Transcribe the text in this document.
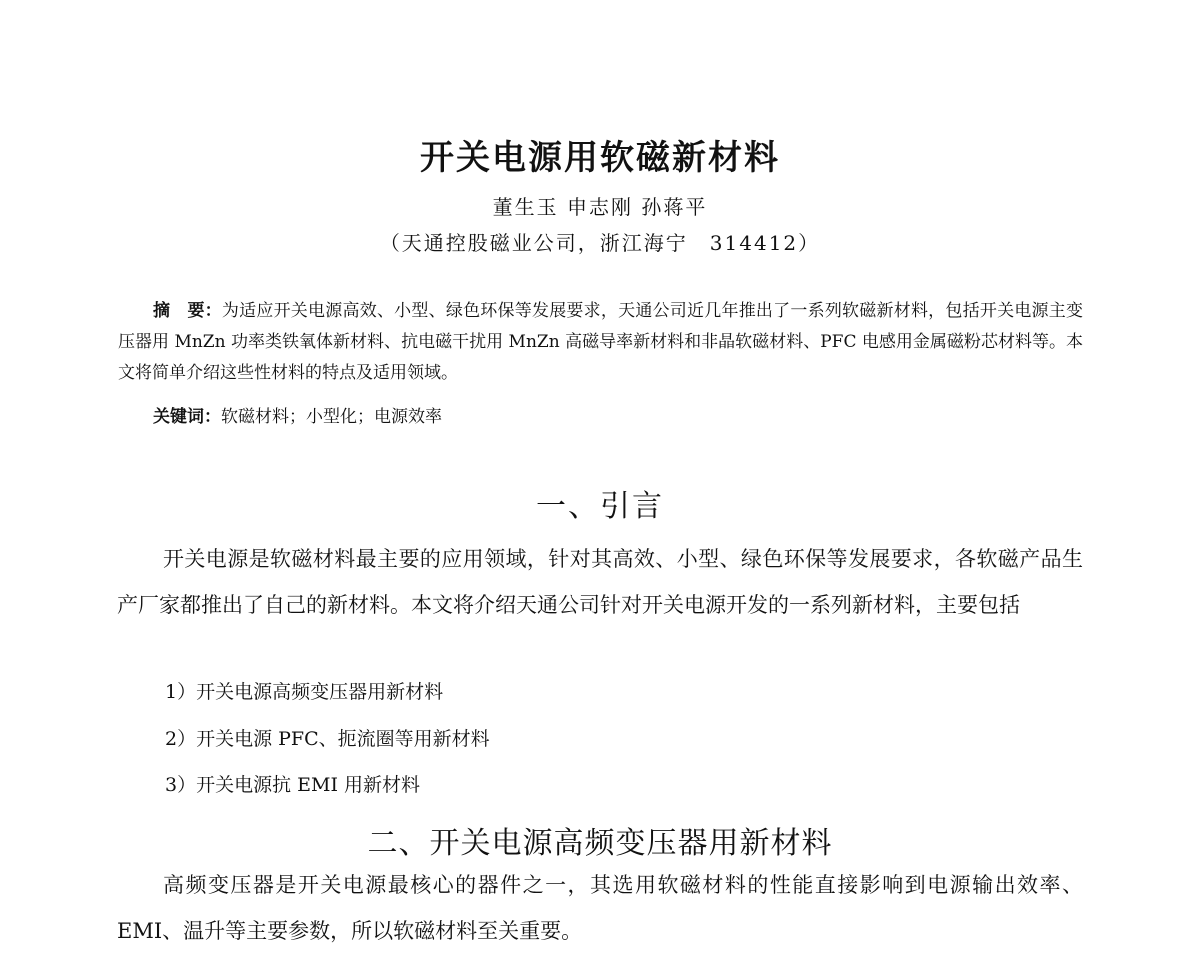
开关电源用软磁新材料
董生玉 申志刚 孙蒋平
（天通控股磁业公司，浙江海宁　314412）
摘　要：为适应开关电源高效、小型、绿色环保等发展要求，天通公司近几年推出了一系列软磁新材料，包括开关电源主变压器用 MnZn 功率类铁氧体新材料、抗电磁干扰用 MnZn 高磁导率新材料和非晶软磁材料、PFC 电感用金属磁粉芯材料等。本文将简单介绍这些性材料的特点及适用领域。
关键词：软磁材料；小型化；电源效率
一、引言
开关电源是软磁材料最主要的应用领域，针对其高效、小型、绿色环保等发展要求，各软磁产品生产厂家都推出了自己的新材料。本文将介绍天通公司针对开关电源开发的一系列新材料，主要包括
1）开关电源高频变压器用新材料
2）开关电源 PFC、扼流圈等用新材料
3）开关电源抗 EMI 用新材料
二、开关电源高频变压器用新材料
高频变压器是开关电源最核心的器件之一，其选用软磁材料的性能直接影响到电源输出效率、EMI、温升等主要参数，所以软磁材料至关重要。
